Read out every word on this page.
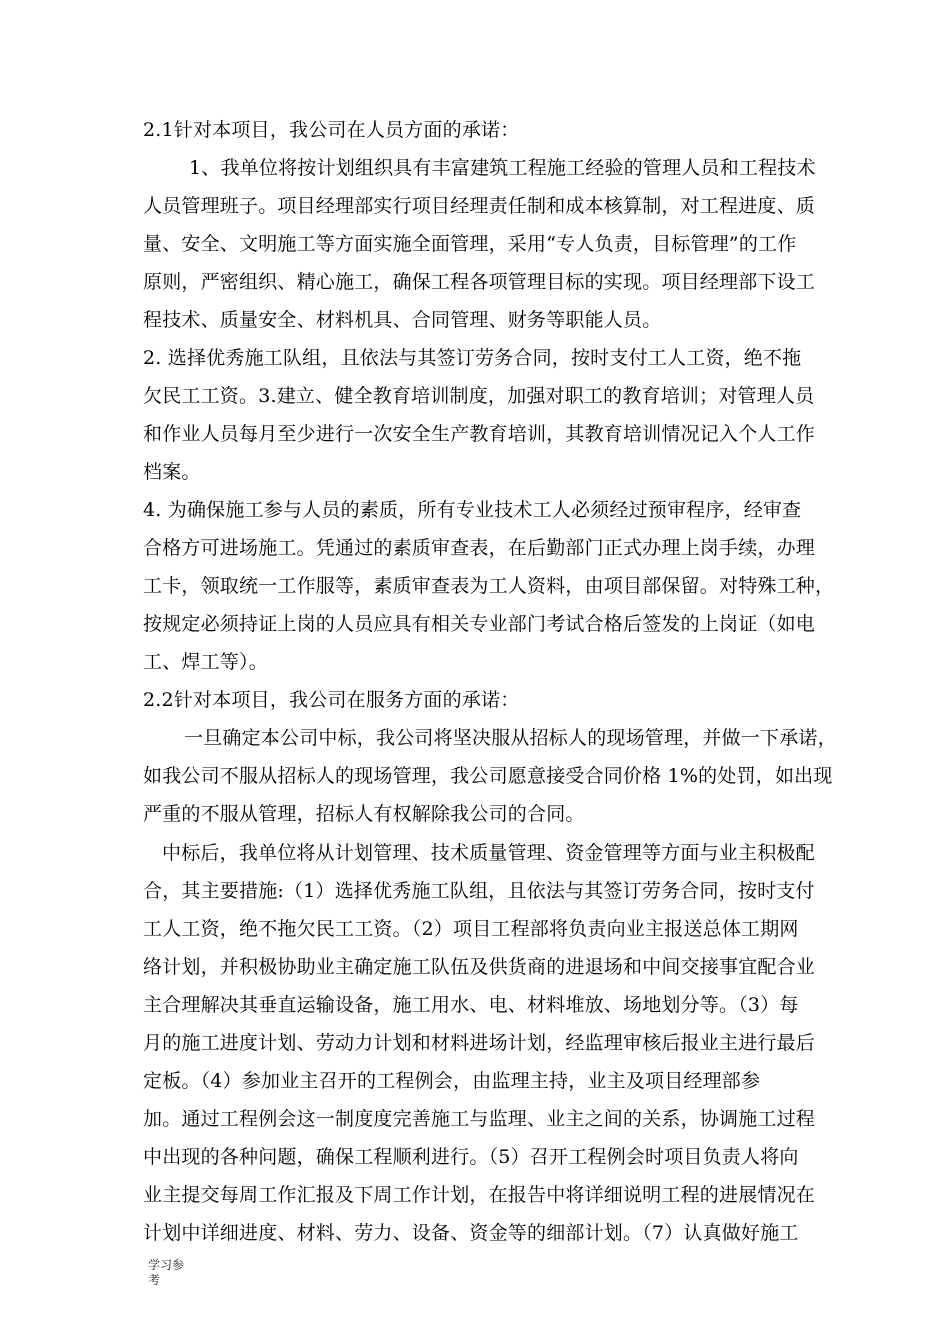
2.1针对本项目，我公司在人员方面的承诺：
1、我单位将按计划组织具有丰富建筑工程施工经验的管理人员和工程技术
人员管理班子。项目经理部实行项目经理责任制和成本核算制，对工程进度、质
量、安全、文明施工等方面实施全面管理，采用“专人负责，目标管理”的工作
原则，严密组织、精心施工，确保工程各项管理目标的实现。项目经理部下设工
程技术、质量安全、材料机具、合同管理、财务等职能人员。
2. 选择优秀施工队组，且依法与其签订劳务合同，按时支付工人工资，绝不拖
欠民工工资。3.建立、健全教育培训制度，加强对职工的教育培训；对管理人员
和作业人员每月至少进行一次安全生产教育培训，其教育培训情况记入个人工作
档案。
4. 为确保施工参与人员的素质，所有专业技术工人必须经过预审程序，经审查
合格方可进场施工。凭通过的素质审查表，在后勤部门正式办理上岗手续，办理
工卡，领取统一工作服等，素质审查表为工人资料，由项目部保留。对特殊工种，
按规定必须持证上岗的人员应具有相关专业部门考试合格后签发的上岗证（如电
工、焊工等）。
2.2针对本项目，我公司在服务方面的承诺：
一旦确定本公司中标，我公司将坚决服从招标人的现场管理，并做一下承诺，
如我公司不服从招标人的现场管理，我公司愿意接受合同价格 1%的处罚，如出现
严重的不服从管理，招标人有权解除我公司的合同。
中标后，我单位将从计划管理、技术质量管理、资金管理等方面与业主积极配
合，其主要措施:（1）选择优秀施工队组，且依法与其签订劳务合同，按时支付
工人工资，绝不拖欠民工工资。（2）项目工程部将负责向业主报送总体工期网
络计划，并积极协助业主确定施工队伍及供货商的进退场和中间交接事宜配合业
主合理解决其垂直运输设备，施工用水、电、材料堆放、场地划分等。（3）每
月的施工进度计划、劳动力计划和材料进场计划，经监理审核后报业主进行最后
定板。（4）参加业主召开的工程例会，由监理主持，业主及项目经理部参
加。通过工程例会这一制度度完善施工与监理、业主之间的关系，协调施工过程
中出现的各种问题，确保工程顺利进行。（5）召开工程例会时项目负责人将向
业主提交每周工作汇报及下周工作计划，在报告中将详细说明工程的进展情况在
计划中详细进度、材料、劳力、设备、资金等的细部计划。（7）认真做好施工
学习参
考
